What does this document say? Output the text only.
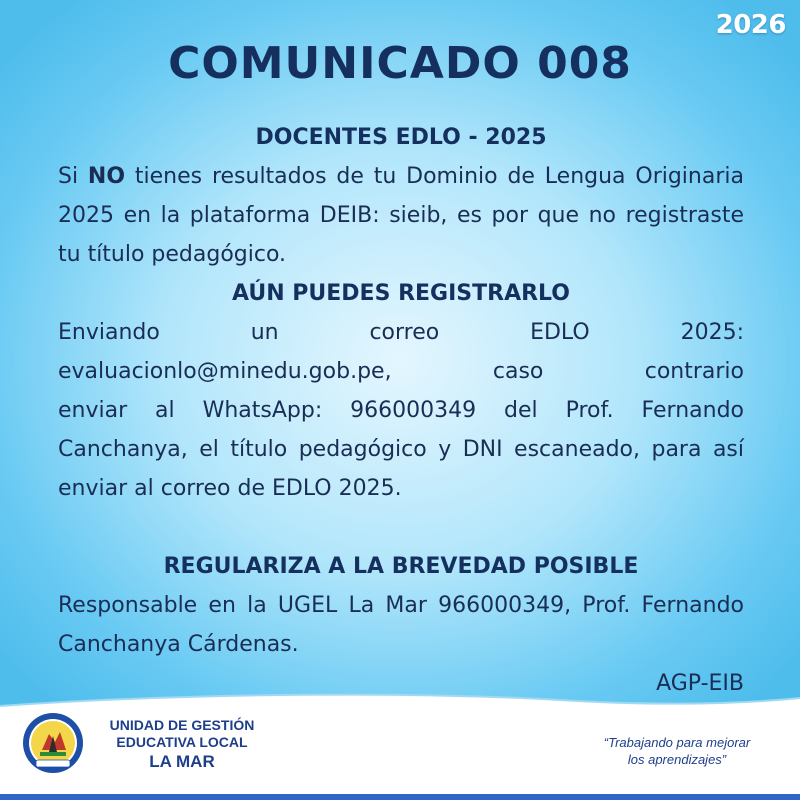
2026
COMUNICADO 008
DOCENTES EDLO - 2025
Si NO tienes resultados de tu Dominio de Lengua Originaria 2025 en la plataforma DEIB: sieib, es por que no registraste tu título pedagógico.
AÚN PUEDES REGISTRARLO
Enviando un correo EDLO 2025:
evaluacionlo@minedu.gob.pe, caso contrario
enviar al WhatsApp: 966000349 del Prof. Fernando Canchanya, el título pedagógico y DNI escaneado, para así enviar al correo de EDLO 2025.
REGULARIZA A LA BREVEDAD POSIBLE
Responsable en la UGEL La Mar 966000349, Prof. Fernando Canchanya Cárdenas.
AGP-EIB
UNIDAD DE GESTIÓN
EDUCATIVA LOCAL
LA MAR
“Trabajando para mejorar
los aprendizajes”
